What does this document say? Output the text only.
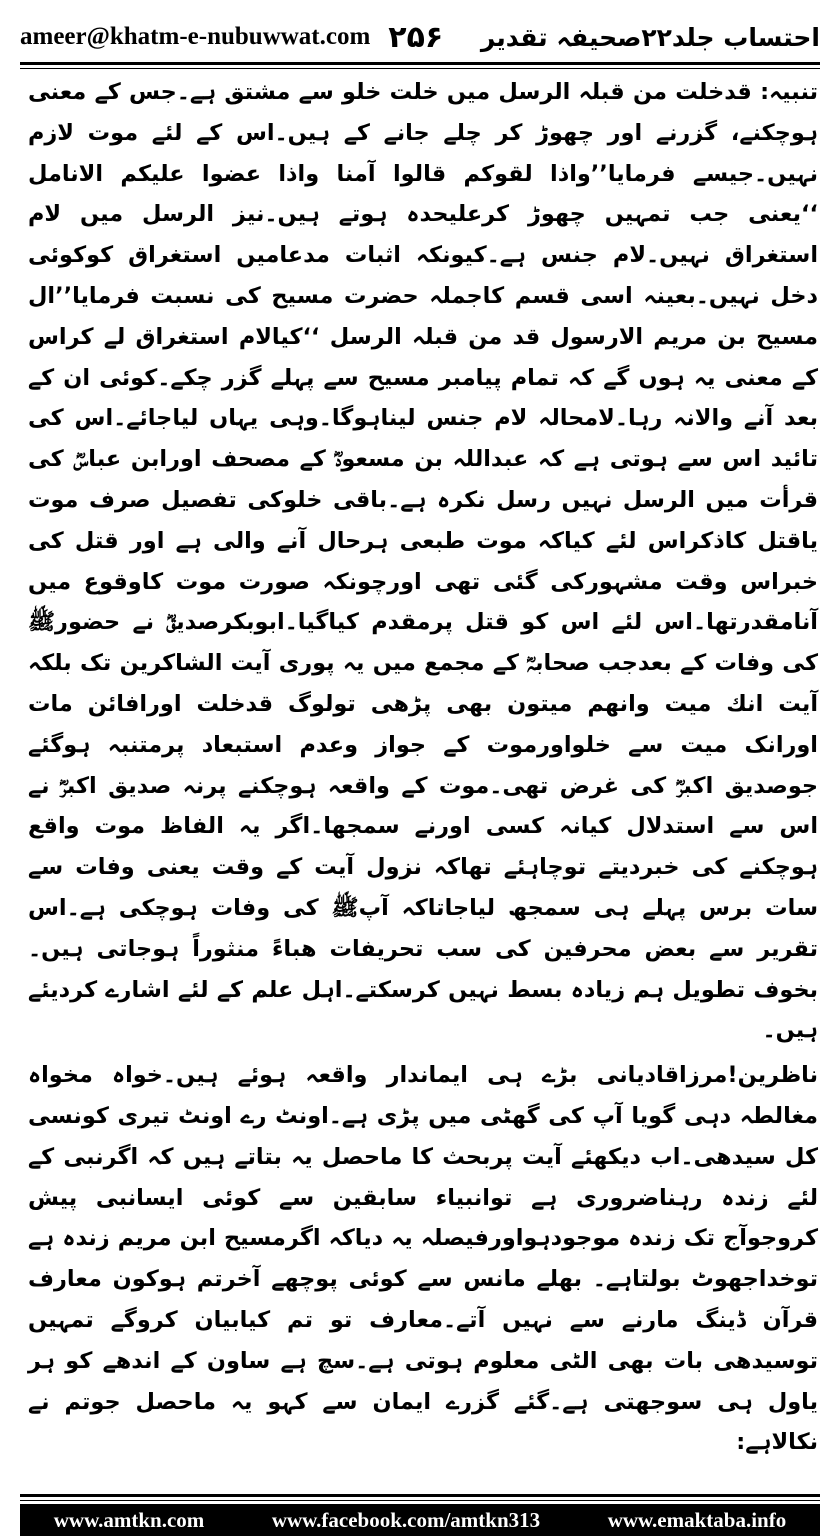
ameer@khatm-e-nubuwwat.com ۲۵۶ احتساب جلد۲۲صحیفہ تقدیر

تنبیہ: قدخلت من قبلہ الرسل میں خلت خلو سے مشتق ہے۔جس کے معنی ہوچکنے، گزرنے اور چھوڑ کر چلے جانے کے ہیں۔اس کے لئے موت لازم نہیں۔جیسے فرمایا’’واذا لقوکم قالوا آمنا واذا عضوا علیکم الانامل ‘‘یعنی جب تمہیں چھوڑ کرعلیحدہ ہوتے ہیں۔نیز الرسل میں لام استغراق نہیں۔لام جنس ہے۔کیونکہ اثبات مدعامیں استغراق کوکوئی دخل نہیں۔بعینہ اسی قسم کاجملہ حضرت مسیح کی نسبت فرمایا’’ال مسیح بن مریم الارسول قد من قبلہ الرسل ‘‘کیالام استغراق لے کراس کے معنی یہ ہوں گے کہ تمام پیامبر مسیح سے پہلے گزر چکے۔کوئی ان کے بعد آنے والانہ رہا۔لامحالہ لام جنس لیناہوگا۔وہی یہاں لیاجائے۔اس کی تائید اس سے ہوتی ہے کہ عبداللہ بن مسعودؓ کے مصحف اورابن عباسؓ کی قرأت میں الرسل نہیں رسل نکرہ ہے۔باقی خلوکی تفصیل صرف موت یاقتل کاذکراس لئے کیاکہ موت طبعی ہرحال آنے والی ہے اور قتل کی خبراس وقت مشہورکی گئی تھی اورچونکہ صورت موت کاوقوع میں آنامقدرتھا۔اس لئے اس کو قتل پرمقدم کیاگیا۔ابوبکرصدیقؓ نے حضورﷺ کی وفات کے بعدجب صحابہؓ کے مجمع میں یہ پوری آیت الشاکرین تک بلکہ آیت انك میت وانھم میتون بھی پڑھی تولوگ قدخلت اورافائن مات اورانک میت سے خلواورموت کے جواز وعدم استبعاد پرمتنبہ ہوگئے جوصدیق اکبرؓ کی غرض تھی۔موت کے واقعہ ہوچکنے پرنہ صدیق اکبرؓ نے اس سے استدلال کیانہ کسی اورنے سمجھا۔اگر یہ الفاظ موت واقع ہوچکنے کی خبردیتے توچاہئے تھاکہ نزول آیت کے وقت یعنی وفات سے سات برس پہلے ہی سمجھ لیاجاتاکہ آپﷺ کی وفات ہوچکی ہے۔اس تقریر سے بعض محرفین کی سب تحریفات ھباءً منثوراً ہوجاتی ہیں۔بخوف تطویل ہم زیادہ بسط نہیں کرسکتے۔اہل علم کے لئے اشارے کردیئے ہیں۔

ناظرین!مرزاقادیانی بڑے ہی ایماندار واقعہ ہوئے ہیں۔خواہ مخواہ مغالطہ دہی گویا آپ کی گھٹی میں پڑی ہے۔اونٹ رے اونٹ تیری کونسی کل سیدھی۔اب دیکھئے آیت پربحث کا ماحصل یہ بتاتے ہیں کہ اگرنبی کے لئے زندہ رہناضروری ہے توانبیاء سابقین سے کوئی ایسانبی پیش کروجوآج تک زندہ موجودہواورفیصلہ یہ دیاکہ اگرمسیح ابن مریم زندہ ہے توخداجھوٹ بولتاہے۔ بھلے مانس سے کوئی پوچھے آخرتم ہوکون معارف قرآن ڈینگ مارنے سے نہیں آتے۔معارف تو تم کیابیان کروگے تمہیں توسیدھی بات بھی الٹی معلوم ہوتی ہے۔سچ ہے ساون کے اندھے کو ہر یاول ہی سوجھتی ہے۔گئے گزرے ایمان سے کہو یہ ماحصل جوتم نے نکالاہے:

www.amtkn.com	www.facebook.com/amtkn313	www.emaktaba.info
